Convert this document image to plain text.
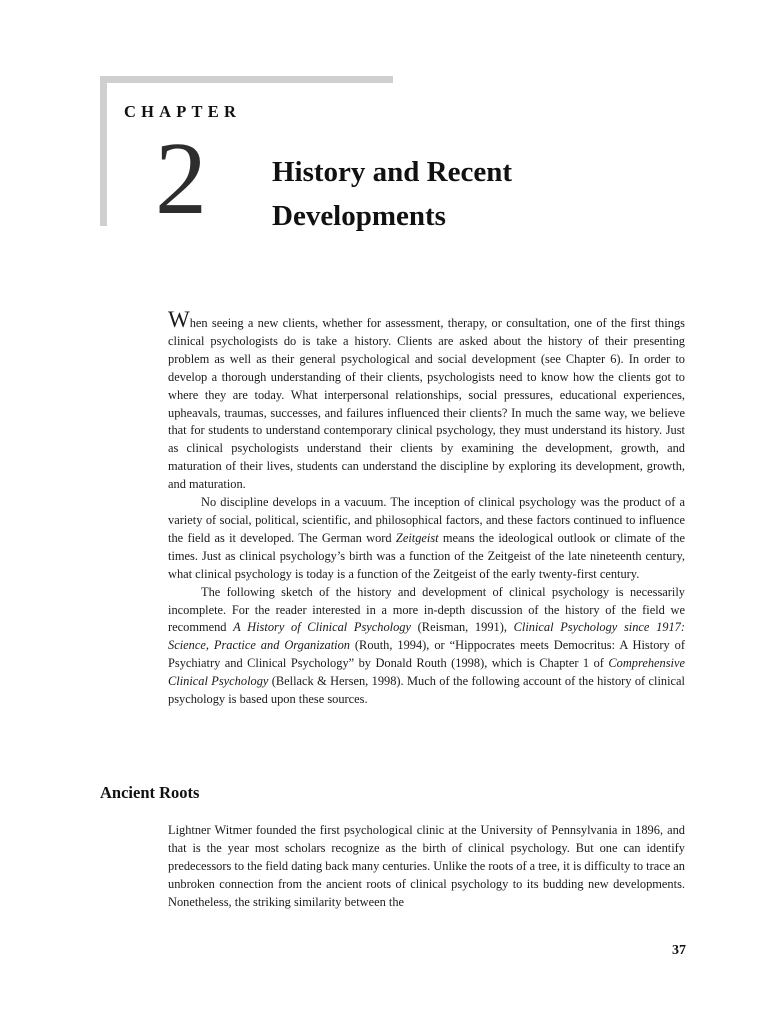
CHAPTER
2 History and Recent
Developments

When seeing a new clients, whether for assessment, therapy, or consultation, one of the first things clinical psychologists do is take a history. Clients are asked about the history of their presenting problem as well as their general psychological and social development (see Chapter 6). In order to develop a thorough understanding of their clients, psychologists need to know how the clients got to where they are today. What interpersonal relationships, social pressures, educational experiences, upheavals, traumas, successes, and failures influenced their clients? In much the same way, we believe that for students to understand contemporary clinical psychology, they must understand its history. Just as clinical psychologists understand their clients by examining the development, growth, and maturation of their lives, students can understand the discipline by exploring its development, growth, and maturation.

No discipline develops in a vacuum. The inception of clinical psychology was the product of a variety of social, political, scientific, and philosophical factors, and these factors continued to influence the field as it developed. The German word Zeitgeist means the ideological outlook or climate of the times. Just as clinical psychology’s birth was a function of the Zeitgeist of the late nineteenth century, what clinical psychology is today is a function of the Zeitgeist of the early twenty-first century.

The following sketch of the history and development of clinical psychology is necessarily incomplete. For the reader interested in a more in-depth discussion of the history of the field we recommend A History of Clinical Psychology (Reisman, 1991), Clinical Psychology since 1917: Science, Practice and Organization (Routh, 1994), or “Hippocrates meets Democritus: A History of Psychiatry and Clinical Psychology” by Donald Routh (1998), which is Chapter 1 of Comprehensive Clinical Psychology (Bellack & Hersen, 1998). Much of the following account of the history of clinical psychology is based upon these sources.

Ancient Roots

Lightner Witmer founded the first psychological clinic at the University of Pennsylvania in 1896, and that is the year most scholars recognize as the birth of clinical psychology. But one can identify predecessors to the field dating back many centuries. Unlike the roots of a tree, it is difficulty to trace an unbroken connection from the ancient roots of clinical psychology to its budding new developments. Nonetheless, the striking similarity between the

37
